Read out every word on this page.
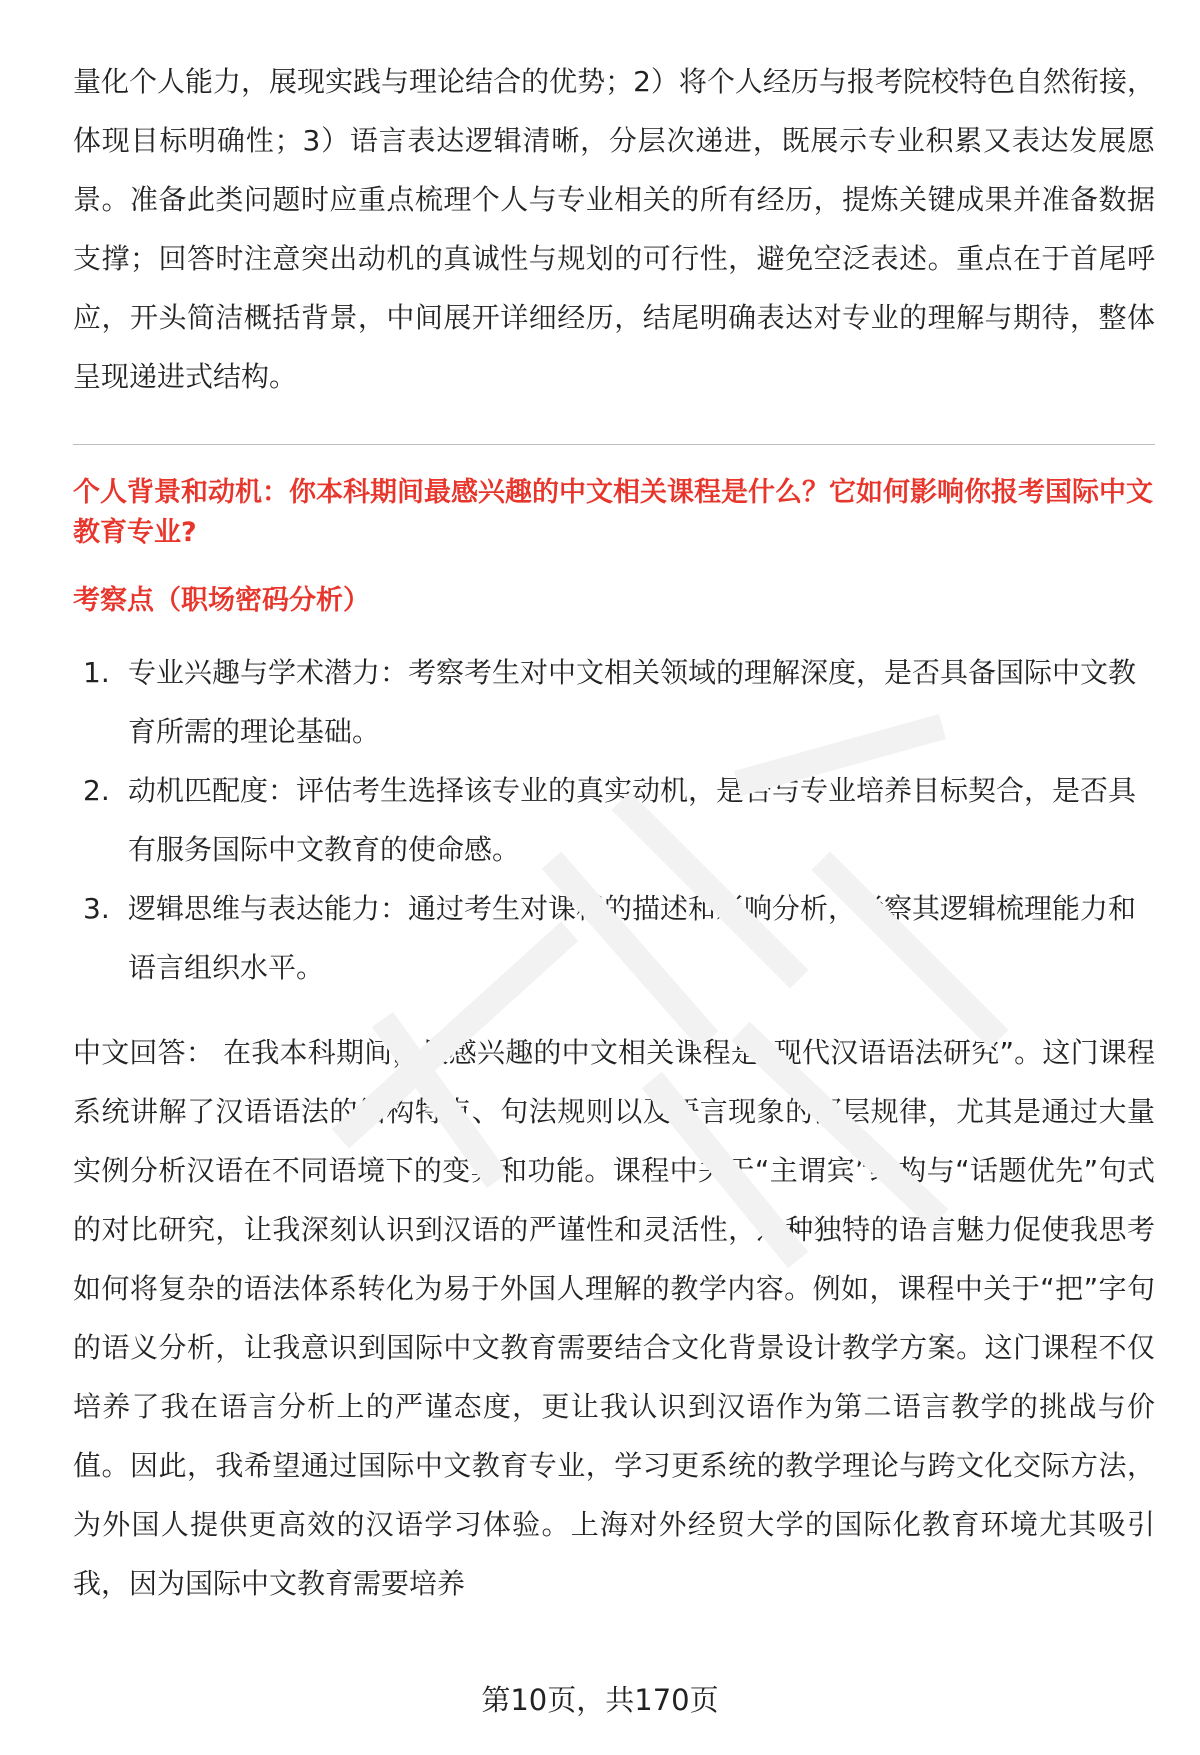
量化个人能力，展现实践与理论结合的优势；2）将个人经历与报考院校特色自然衔接，体现目标明确性；3）语言表达逻辑清晰，分层次递进，既展示专业积累又表达发展愿景。准备此类问题时应重点梳理个人与专业相关的所有经历，提炼关键成果并准备数据支撑；回答时注意突出动机的真诚性与规划的可行性，避免空泛表述。重点在于首尾呼应，开头简洁概括背景，中间展开详细经历，结尾明确表达对专业的理解与期待，整体呈现递进式结构。

个人背景和动机：你本科期间最感兴趣的中文相关课程是什么？它如何影响你报考国际中文教育专业?

考察点（职场密码分析）

1. 专业兴趣与学术潜力：考察考生对中文相关领域的理解深度，是否具备国际中文教育所需的理论基础。
2. 动机匹配度：评估考生选择该专业的真实动机，是否与专业培养目标契合，是否具有服务国际中文教育的使命感。
3. 逻辑思维与表达能力：通过考生对课程的描述和影响分析，考察其逻辑梳理能力和语言组织水平。

中文回答： 在我本科期间，最感兴趣的中文相关课程是“现代汉语语法研究”。这门课程系统讲解了汉语语法的结构特点、句法规则以及语言现象的深层规律，尤其是通过大量实例分析汉语在不同语境下的变异和功能。课程中关于“主谓宾”结构与“话题优先”句式的对比研究，让我深刻认识到汉语的严谨性和灵活性，这种独特的语言魅力促使我思考如何将复杂的语法体系转化为易于外国人理解的教学内容。例如，课程中关于“把”字句的语义分析，让我意识到国际中文教育需要结合文化背景设计教学方案。这门课程不仅培养了我在语言分析上的严谨态度，更让我认识到汉语作为第二语言教学的挑战与价值。因此，我希望通过国际中文教育专业，学习更系统的教学理论与跨文化交际方法，为外国人提供更高效的汉语学习体验。上海对外经贸大学的国际化教育环境尤其吸引我，因为国际中文教育需要培养

第10页，共170页
